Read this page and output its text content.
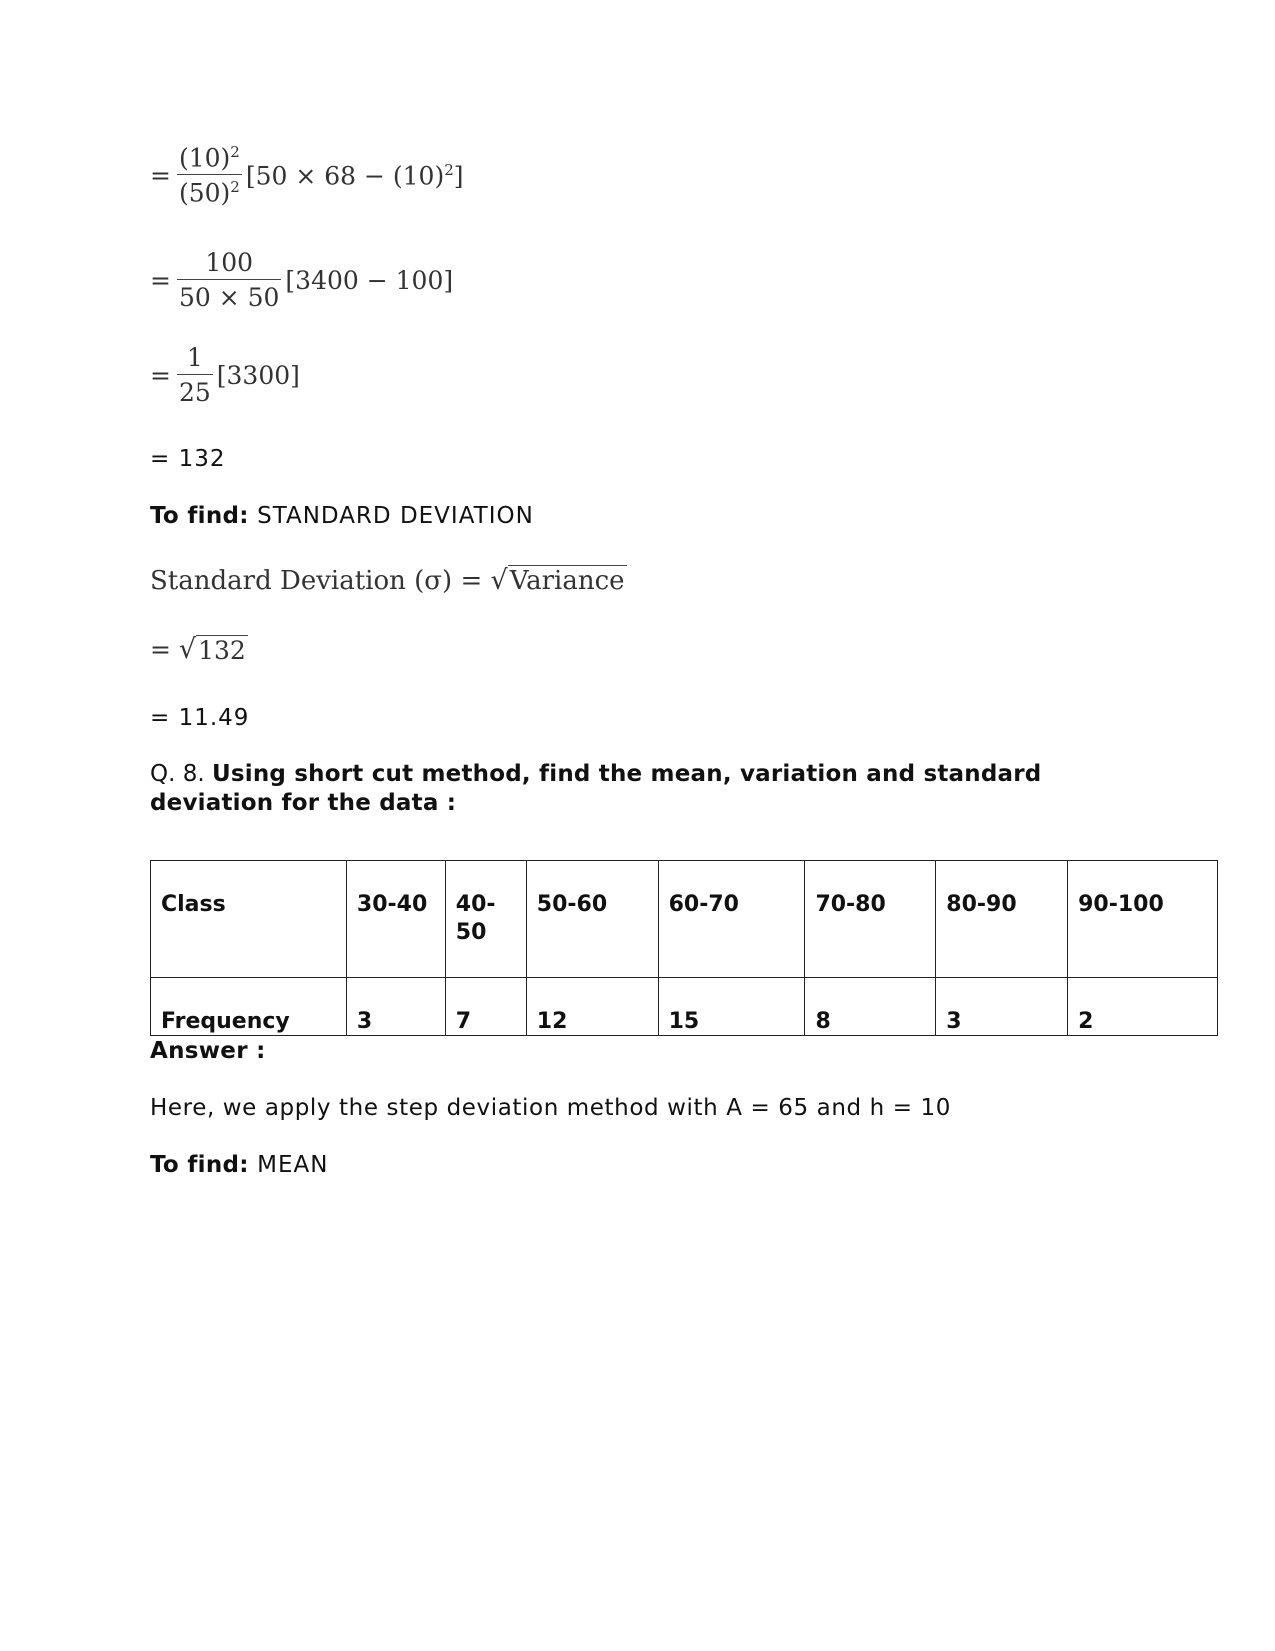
= $\frac{(10)^2}{(50)^2} [50 \times 68 - (10)^2]$
= $\frac{100}{50 \times 50} [3400 - 100]$
= $\frac{1}{25} [3300]$
= 132
To find: STANDARD DEVIATION
Standard Deviation (σ) = √ Variance
= √ 132
= 11.49
Q. 8. Using short cut method, find the mean, variation and standard deviation for the data :
Class	30-40	40-50	50-60	60-70	70-80	80-90	90-100
Frequency	3	7	12	15	8	3	2
Answer :
Here, we apply the step deviation method with A = 65 and h = 10
To find: MEAN
